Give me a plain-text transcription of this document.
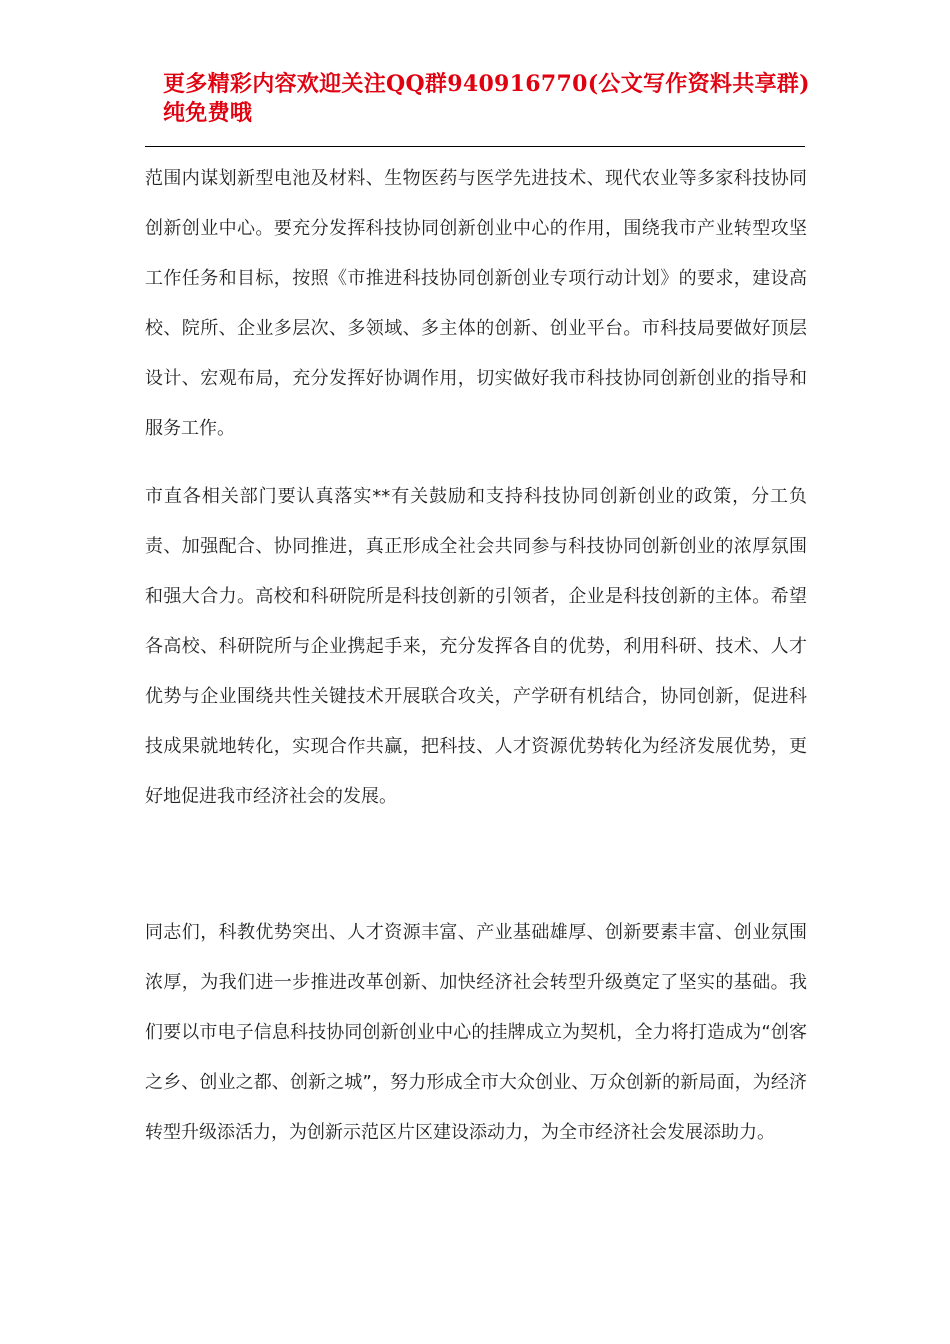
更多精彩内容欢迎关注QQ群940916770(公文写作资料共享群)纯免费哦

范围内谋划新型电池及材料、生物医药与医学先进技术、现代农业等多家科技协同创新创业中心。要充分发挥科技协同创新创业中心的作用，围绕我市产业转型攻坚工作任务和目标，按照《市推进科技协同创新创业专项行动计划》的要求，建设高校、院所、企业多层次、多领域、多主体的创新、创业平台。市科技局要做好顶层设计、宏观布局，充分发挥好协调作用，切实做好我市科技协同创新创业的指导和服务工作。

市直各相关部门要认真落实**有关鼓励和支持科技协同创新创业的政策，分工负责、加强配合、协同推进，真正形成全社会共同参与科技协同创新创业的浓厚氛围和强大合力。高校和科研院所是科技创新的引领者，企业是科技创新的主体。希望各高校、科研院所与企业携起手来，充分发挥各自的优势，利用科研、技术、人才优势与企业围绕共性关键技术开展联合攻关，产学研有机结合，协同创新，促进科技成果就地转化，实现合作共赢，把科技、人才资源优势转化为经济发展优势，更好地促进我市经济社会的发展。

同志们，科教优势突出、人才资源丰富、产业基础雄厚、创新要素丰富、创业氛围浓厚，为我们进一步推进改革创新、加快经济社会转型升级奠定了坚实的基础。我们要以市电子信息科技协同创新创业中心的挂牌成立为契机，全力将打造成为“创客之乡、创业之都、创新之城”，努力形成全市大众创业、万众创新的新局面，为经济转型升级添活力，为创新示范区片区建设添动力，为全市经济社会发展添助力。
